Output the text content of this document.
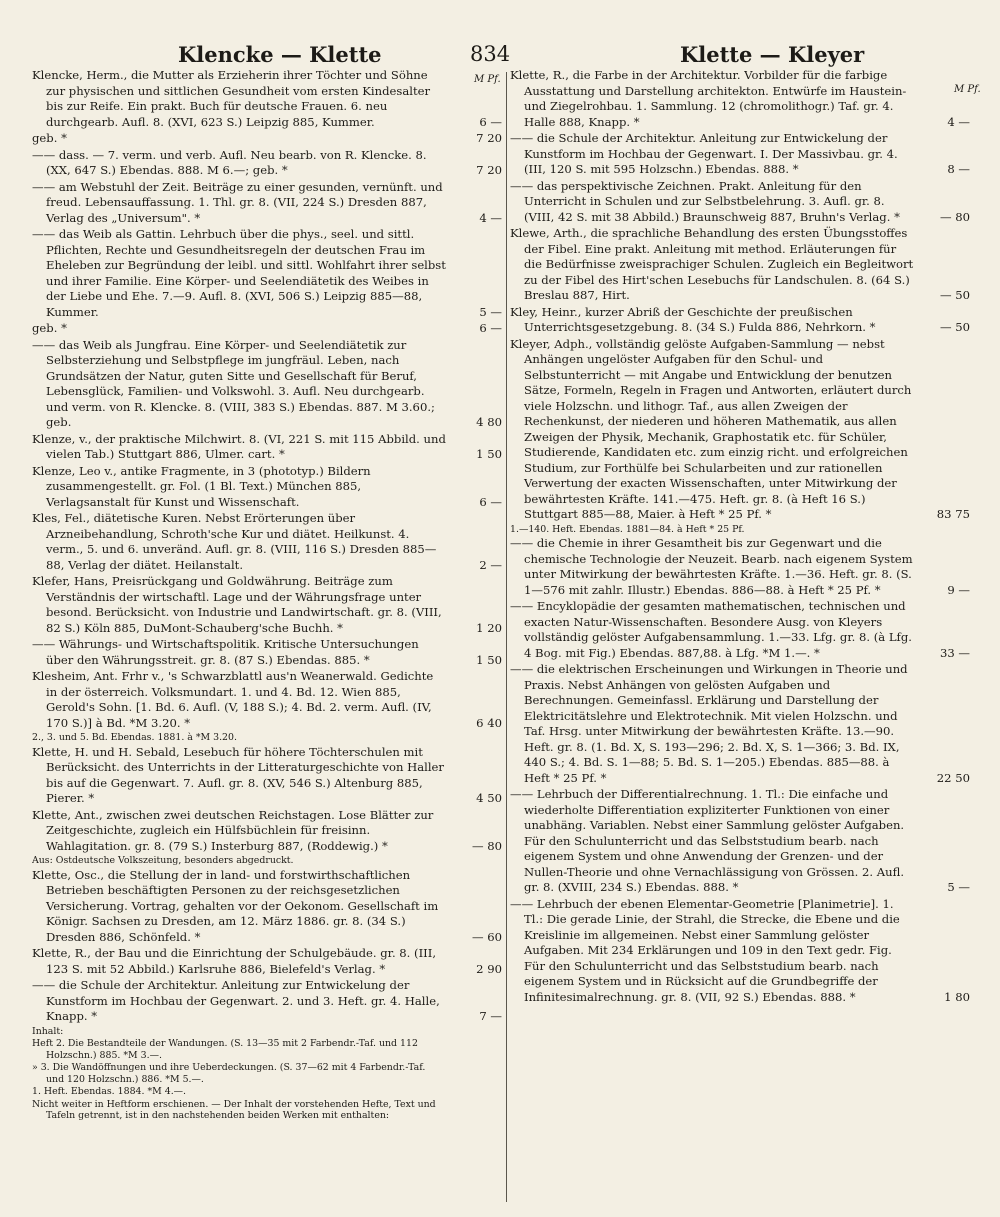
Klencke — Klette	834	Klette — Kleyer
M Pf.
M Pf.
Klencke, Herm., die Mutter als Erzieherin ihrer Töchter und Söhne zur physischen und sittlichen Gesundheit vom ersten Kindesalter bis zur Reife. Ein prakt. Buch für deutsche Frauen. 6. neu durchgearb. Aufl. 8. (XVI, 623 S.) Leipzig 885, Kummer.	6 —
geb. *	7 20
—— dass. — 7. verm. und verb. Aufl. Neu bearb. von R. Klencke. 8. (XX, 647 S.) Ebendas. 888. M 6.—; geb. *	7 20
—— am Webstuhl der Zeit. Beiträge zu einer gesunden, vernünft. und freud. Lebensauffassung. 1. Thl. gr. 8. (VII, 224 S.) Dresden 887, Verlag des „Universum". *	4 —
—— das Weib als Gattin. Lehrbuch über die phys., seel. und sittl. Pflichten, Rechte und Gesundheitsregeln der deutschen Frau im Eheleben zur Begründung der leibl. und sittl. Wohlfahrt ihrer selbst und ihrer Familie. Eine Körper- und Seelendiätetik des Weibes in der Liebe und Ehe. 7.—9. Aufl. 8. (XVI, 506 S.) Leipzig 885—88, Kummer.	5 —
geb. *	6 —
—— das Weib als Jungfrau. Eine Körper- und Seelendiätetik zur Selbsterziehung und Selbstpflege im jungfräul. Leben, nach Grundsätzen der Natur, guten Sitte und Gesellschaft für Beruf, Lebensglück, Familien- und Volkswohl. 3. Aufl. Neu durchgearb. und verm. von R. Klencke. 8. (VIII, 383 S.) Ebendas. 887. M 3.60.; geb.	4 80
Klenze, v., der praktische Milchwirt. 8. (VI, 221 S. mit 115 Abbild. und vielen Tab.) Stuttgart 886, Ulmer. cart. *	1 50
Klenze, Leo v., antike Fragmente, in 3 (phototyp.) Bildern zusammengestellt. gr. Fol. (1 Bl. Text.) München 885, Verlagsanstalt für Kunst und Wissenschaft.	6 —
Kles, Fel., diätetische Kuren. Nebst Erörterungen über Arzneibehandlung, Schroth'sche Kur und diätet. Heilkunst. 4. verm., 5. und 6. unveränd. Aufl. gr. 8. (VIII, 116 S.) Dresden 885—88, Verlag der diätet. Heilanstalt.	2 —
Klefer, Hans, Preisrückgang und Goldwährung. Beiträge zum Verständnis der wirtschaftl. Lage und der Währungsfrage unter besond. Berücksicht. von Industrie und Landwirtschaft. gr. 8. (VIII, 82 S.) Köln 885, DuMont-Schauberg'sche Buchh. *	1 20
—— Währungs- und Wirtschaftspolitik. Kritische Untersuchungen über den Währungsstreit. gr. 8. (87 S.) Ebendas. 885. *	1 50
Klesheim, Ant. Frhr v., 's Schwarzblattl aus'n Weanerwald. Gedichte in der österreich. Volksmundart. 1. und 4. Bd. 12. Wien 885, Gerold's Sohn. [1. Bd. 6. Aufl. (V, 188 S.); 4. Bd. 2. verm. Aufl. (IV, 170 S.)] à Bd. *M 3.20. *	6 40
2., 3. und 5. Bd. Ebendas. 1881. à *M 3.20.
Klette, H. und H. Sebald, Lesebuch für höhere Töchterschulen mit Berücksicht. des Unterrichts in der Litteraturgeschichte von Haller bis auf die Gegenwart. 7. Aufl. gr. 8. (XV, 546 S.) Altenburg 885, Pierer. *	4 50
Klette, Ant., zwischen zwei deutschen Reichstagen. Lose Blätter zur Zeitgeschichte, zugleich ein Hülfsbüchlein für freisinn. Wahlagitation. gr. 8. (79 S.) Insterburg 887, (Roddewig.) *	— 80
Aus: Ostdeutsche Volkszeitung, besonders abgedruckt.
Klette, Osc., die Stellung der in land- und forstwirthschaftlichen Betrieben beschäftigten Personen zu der reichsgesetzlichen Versicherung. Vortrag, gehalten vor der Oekonom. Gesellschaft im Königr. Sachsen zu Dresden, am 12. März 1886. gr. 8. (34 S.) Dresden 886, Schönfeld. *	— 60
Klette, R., der Bau und die Einrichtung der Schulgebäude. gr. 8. (III, 123 S. mit 52 Abbild.) Karlsruhe 886, Bielefeld's Verlag. *	2 90
—— die Schule der Architektur. Anleitung zur Entwickelung der Kunstform im Hochbau der Gegenwart. 2. und 3. Heft. gr. 4. Halle, Knapp. *	7 —
Inhalt:
Heft 2. Die Bestandteile der Wandungen. (S. 13—35 mit 2 Farbendr.-Taf. und 112 Holzschn.) 885. *M 3.—.
» 3. Die Wandöffnungen und ihre Ueberdeckungen. (S. 37—62 mit 4 Farbendr.-Taf. und 120 Holzschn.) 886. *M 5.—.
1. Heft. Ebendas. 1884. *M 4.—.
Nicht weiter in Heftform erschienen. — Der Inhalt der vorstehenden Hefte, Text und Tafeln getrennt, ist in den nachstehenden beiden Werken mit enthalten:
Klette, R., die Farbe in der Architektur. Vorbilder für die farbige Ausstattung und Darstellung architekton. Entwürfe im Haustein- und Ziegelrohbau. 1. Sammlung. 12 (chromolithogr.) Taf. gr. 4. Halle 888, Knapp. *	4 —
—— die Schule der Architektur. Anleitung zur Entwickelung der Kunstform im Hochbau der Gegenwart. I. Der Massivbau. gr. 4. (III, 120 S. mit 595 Holzschn.) Ebendas. 888. *	8 —
—— das perspektivische Zeichnen. Prakt. Anleitung für den Unterricht in Schulen und zur Selbstbelehrung. 3. Aufl. gr. 8. (VIII, 42 S. mit 38 Abbild.) Braunschweig 887, Bruhn's Verlag. *	— 80
Klewe, Arth., die sprachliche Behandlung des ersten Übungsstoffes der Fibel. Eine prakt. Anleitung mit method. Erläuterungen für die Bedürfnisse zweisprachiger Schulen. Zugleich ein Begleitwort zu der Fibel des Hirt'schen Lesebuchs für Landschulen. 8. (64 S.) Breslau 887, Hirt.	— 50
Kley, Heinr., kurzer Abriß der Geschichte der preußischen Unterrichtsgesetzgebung. 8. (34 S.) Fulda 886, Nehrkorn. *	— 50
Kleyer, Adph., vollständig gelöste Aufgaben-Sammlung — nebst Anhängen ungelöster Aufgaben für den Schul- und Selbstunterricht — mit Angabe und Entwicklung der benutzen Sätze, Formeln, Regeln in Fragen und Antworten, erläutert durch viele Holzschn. und lithogr. Taf., aus allen Zweigen der Rechenkunst, der niederen und höheren Mathematik, aus allen Zweigen der Physik, Mechanik, Graphostatik etc. für Schüler, Studierende, Kandidaten etc. zum einzig richt. und erfolgreichen Studium, zur Forthülfe bei Schularbeiten und zur rationellen Verwertung der exacten Wissenschaften, unter Mitwirkung der bewährtesten Kräfte. 141.—475. Heft. gr. 8. (à Heft 16 S.) Stuttgart 885—88, Maier. à Heft * 25 Pf. *	83 75
1.—140. Heft. Ebendas. 1881—84. à Heft * 25 Pf.
—— die Chemie in ihrer Gesamtheit bis zur Gegenwart und die chemische Technologie der Neuzeit. Bearb. nach eigenem System unter Mitwirkung der bewährtesten Kräfte. 1.—36. Heft. gr. 8. (S. 1—576 mit zahlr. Illustr.) Ebendas. 886—88. à Heft * 25 Pf. *	9 —
—— Encyklopädie der gesamten mathematischen, technischen und exacten Natur-Wissenschaften. Besondere Ausg. von Kleyers vollständig gelöster Aufgabensammlung. 1.—33. Lfg. gr. 8. (à Lfg. 4 Bog. mit Fig.) Ebendas. 887,88. à Lfg. *M 1.—. *	33 —
—— die elektrischen Erscheinungen und Wirkungen in Theorie und Praxis. Nebst Anhängen von gelösten Aufgaben und Berechnungen. Gemeinfassl. Erklärung und Darstellung der Elektricitätslehre und Elektrotechnik. Mit vielen Holzschn. und Taf. Hrsg. unter Mitwirkung der bewährtesten Kräfte. 13.—90. Heft. gr. 8. (1. Bd. X, S. 193—296; 2. Bd. X, S. 1—366; 3. Bd. IX, 440 S.; 4. Bd. S. 1—88; 5. Bd. S. 1—205.) Ebendas. 885—88. à Heft * 25 Pf. *	22 50
—— Lehrbuch der Differentialrechnung. 1. Tl.: Die einfache und wiederholte Differentiation expliziterter Funktionen von einer unabhäng. Variablen. Nebst einer Sammlung gelöster Aufgaben. Für den Schulunterricht und das Selbststudium bearb. nach eigenem System und ohne Anwendung der Grenzen- und der Nullen-Theorie und ohne Vernachlässigung von Grössen. 2. Aufl. gr. 8. (XVIII, 234 S.) Ebendas. 888. *	5 —
—— Lehrbuch der ebenen Elementar-Geometrie [Planimetrie]. 1. Tl.: Die gerade Linie, der Strahl, die Strecke, die Ebene und die Kreislinie im allgemeinen. Nebst einer Sammlung gelöster Aufgaben. Mit 234 Erklärungen und 109 in den Text gedr. Fig. Für den Schulunterricht und das Selbststudium bearb. nach eigenem System und in Rücksicht auf die Grundbegriffe der Infinitesimalrechnung. gr. 8. (VII, 92 S.) Ebendas. 888. *	1 80
